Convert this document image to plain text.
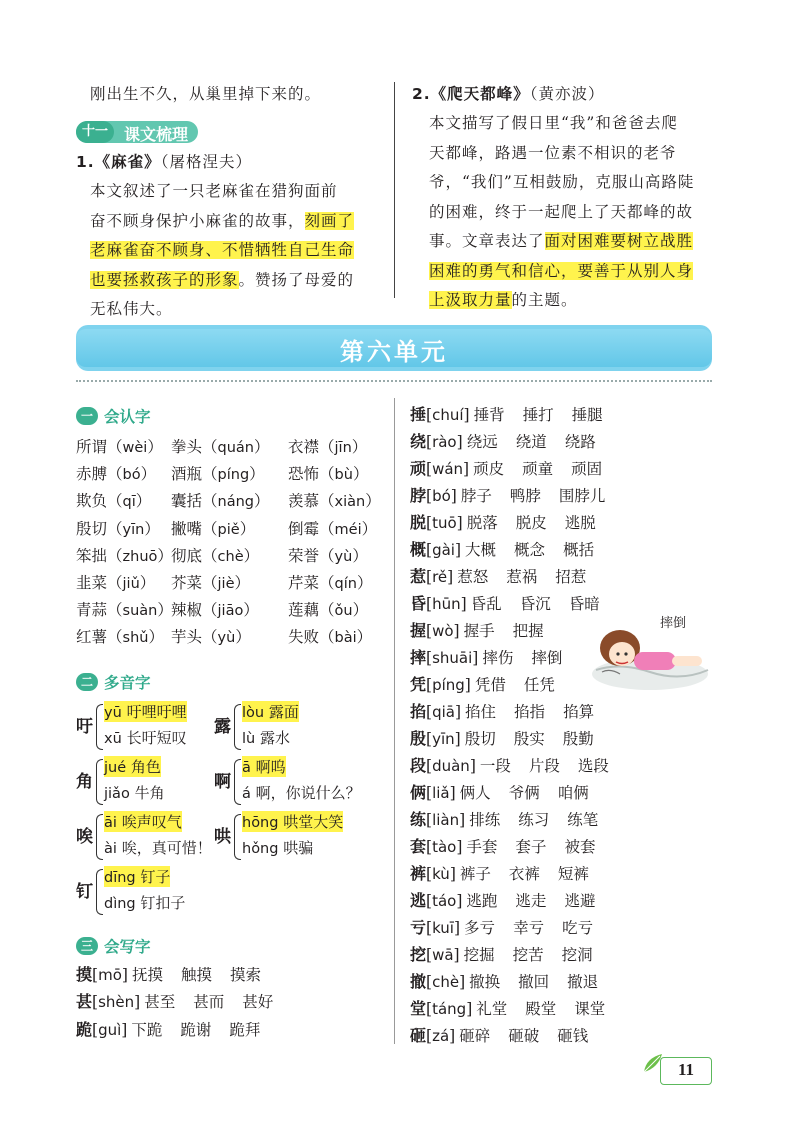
刚出生不久，从巢里掉下来的。
十一	课文梳理
1.《麻雀》（屠格涅夫）
本文叙述了一只老麻雀在猎狗面前
奋不顾身保护小麻雀的故事，刻画了
老麻雀奋不顾身、不惜牺牲自己生命
也要拯救孩子的形象。赞扬了母爱的
无私伟大。
2.《爬天都峰》（黄亦波）
本文描写了假日里“我”和爸爸去爬
天都峰，路遇一位素不相识的老爷
爷，“我们”互相鼓励，克服山高路陡
的困难，终于一起爬上了天都峰的故
事。文章表达了面对困难要树立战胜
困难的勇气和信心，要善于从别人身
上汲取力量的主题。
第六单元
一 会认字
所谓（wèi） 拳头（quán） 衣襟（jīn）
赤膊（bó） 酒瓶（píng） 恐怖（bù）
欺负（qī） 囊括（náng） 羡慕（xiàn）
殷切（yīn） 撇嘴（piě） 倒霉（méi）
笨拙（zhuō）
彻底（chè） 荣誉（yù）
韭菜（jiǔ） 芥菜（jiè） 芹菜（qín）
青蒜（suàn）
辣椒（jiāo） 莲藕（ǒu）
红薯（shǔ） 芋头（yù） 失败（bài）
二 多音字
吁
yū 吁哩吁哩
xū 长吁短叹
露
lòu 露面
lù 露水
角
jué 角色
jiǎo 牛角
啊
ā 啊呜
á 啊，你说什么？
唉
āi 唉声叹气
ài 唉，真可惜！
哄
hōng 哄堂大笑
hǒng 哄骗
钉
dīng 钉子
dìng 钉扣子
三 会写字
摸[mō] 抚摸 触摸 摸索
甚[shèn] 甚至 甚而 甚好
跪[guì] 下跪 跪谢 跪拜
捶[chuí] 捶背 捶打 捶腿
绕[rào] 绕远 绕道 绕路
顽[wán] 顽皮 顽童 顽固
脖[bó] 脖子 鸭脖 围脖儿
脱[tuō] 脱落 脱皮 逃脱
概[gài] 大概 概念 概括
惹[rě] 惹怒 惹祸 招惹
昏[hūn] 昏乱 昏沉 昏暗
握[wò] 握手 把握
摔[shuāi] 摔伤 摔倒
凭[píng] 凭借 任凭
掐[qiā] 掐住 掐指 掐算
殷[yīn] 殷切 殷实 殷勤
段[duàn] 一段 片段 选段
俩[liǎ] 俩人 爷俩 咱俩
练[liàn] 排练 练习 练笔
套[tào] 手套 套子 被套
裤[kù] 裤子 衣裤 短裤
逃[táo] 逃跑 逃走 逃避
亏[kuī] 多亏 幸亏 吃亏
挖[wā] 挖掘 挖苦 挖洞
撤[chè] 撤换 撤回 撤退
堂[táng] 礼堂 殿堂 课堂
砸[zá] 砸碎 砸破 砸钱
摔倒
11
